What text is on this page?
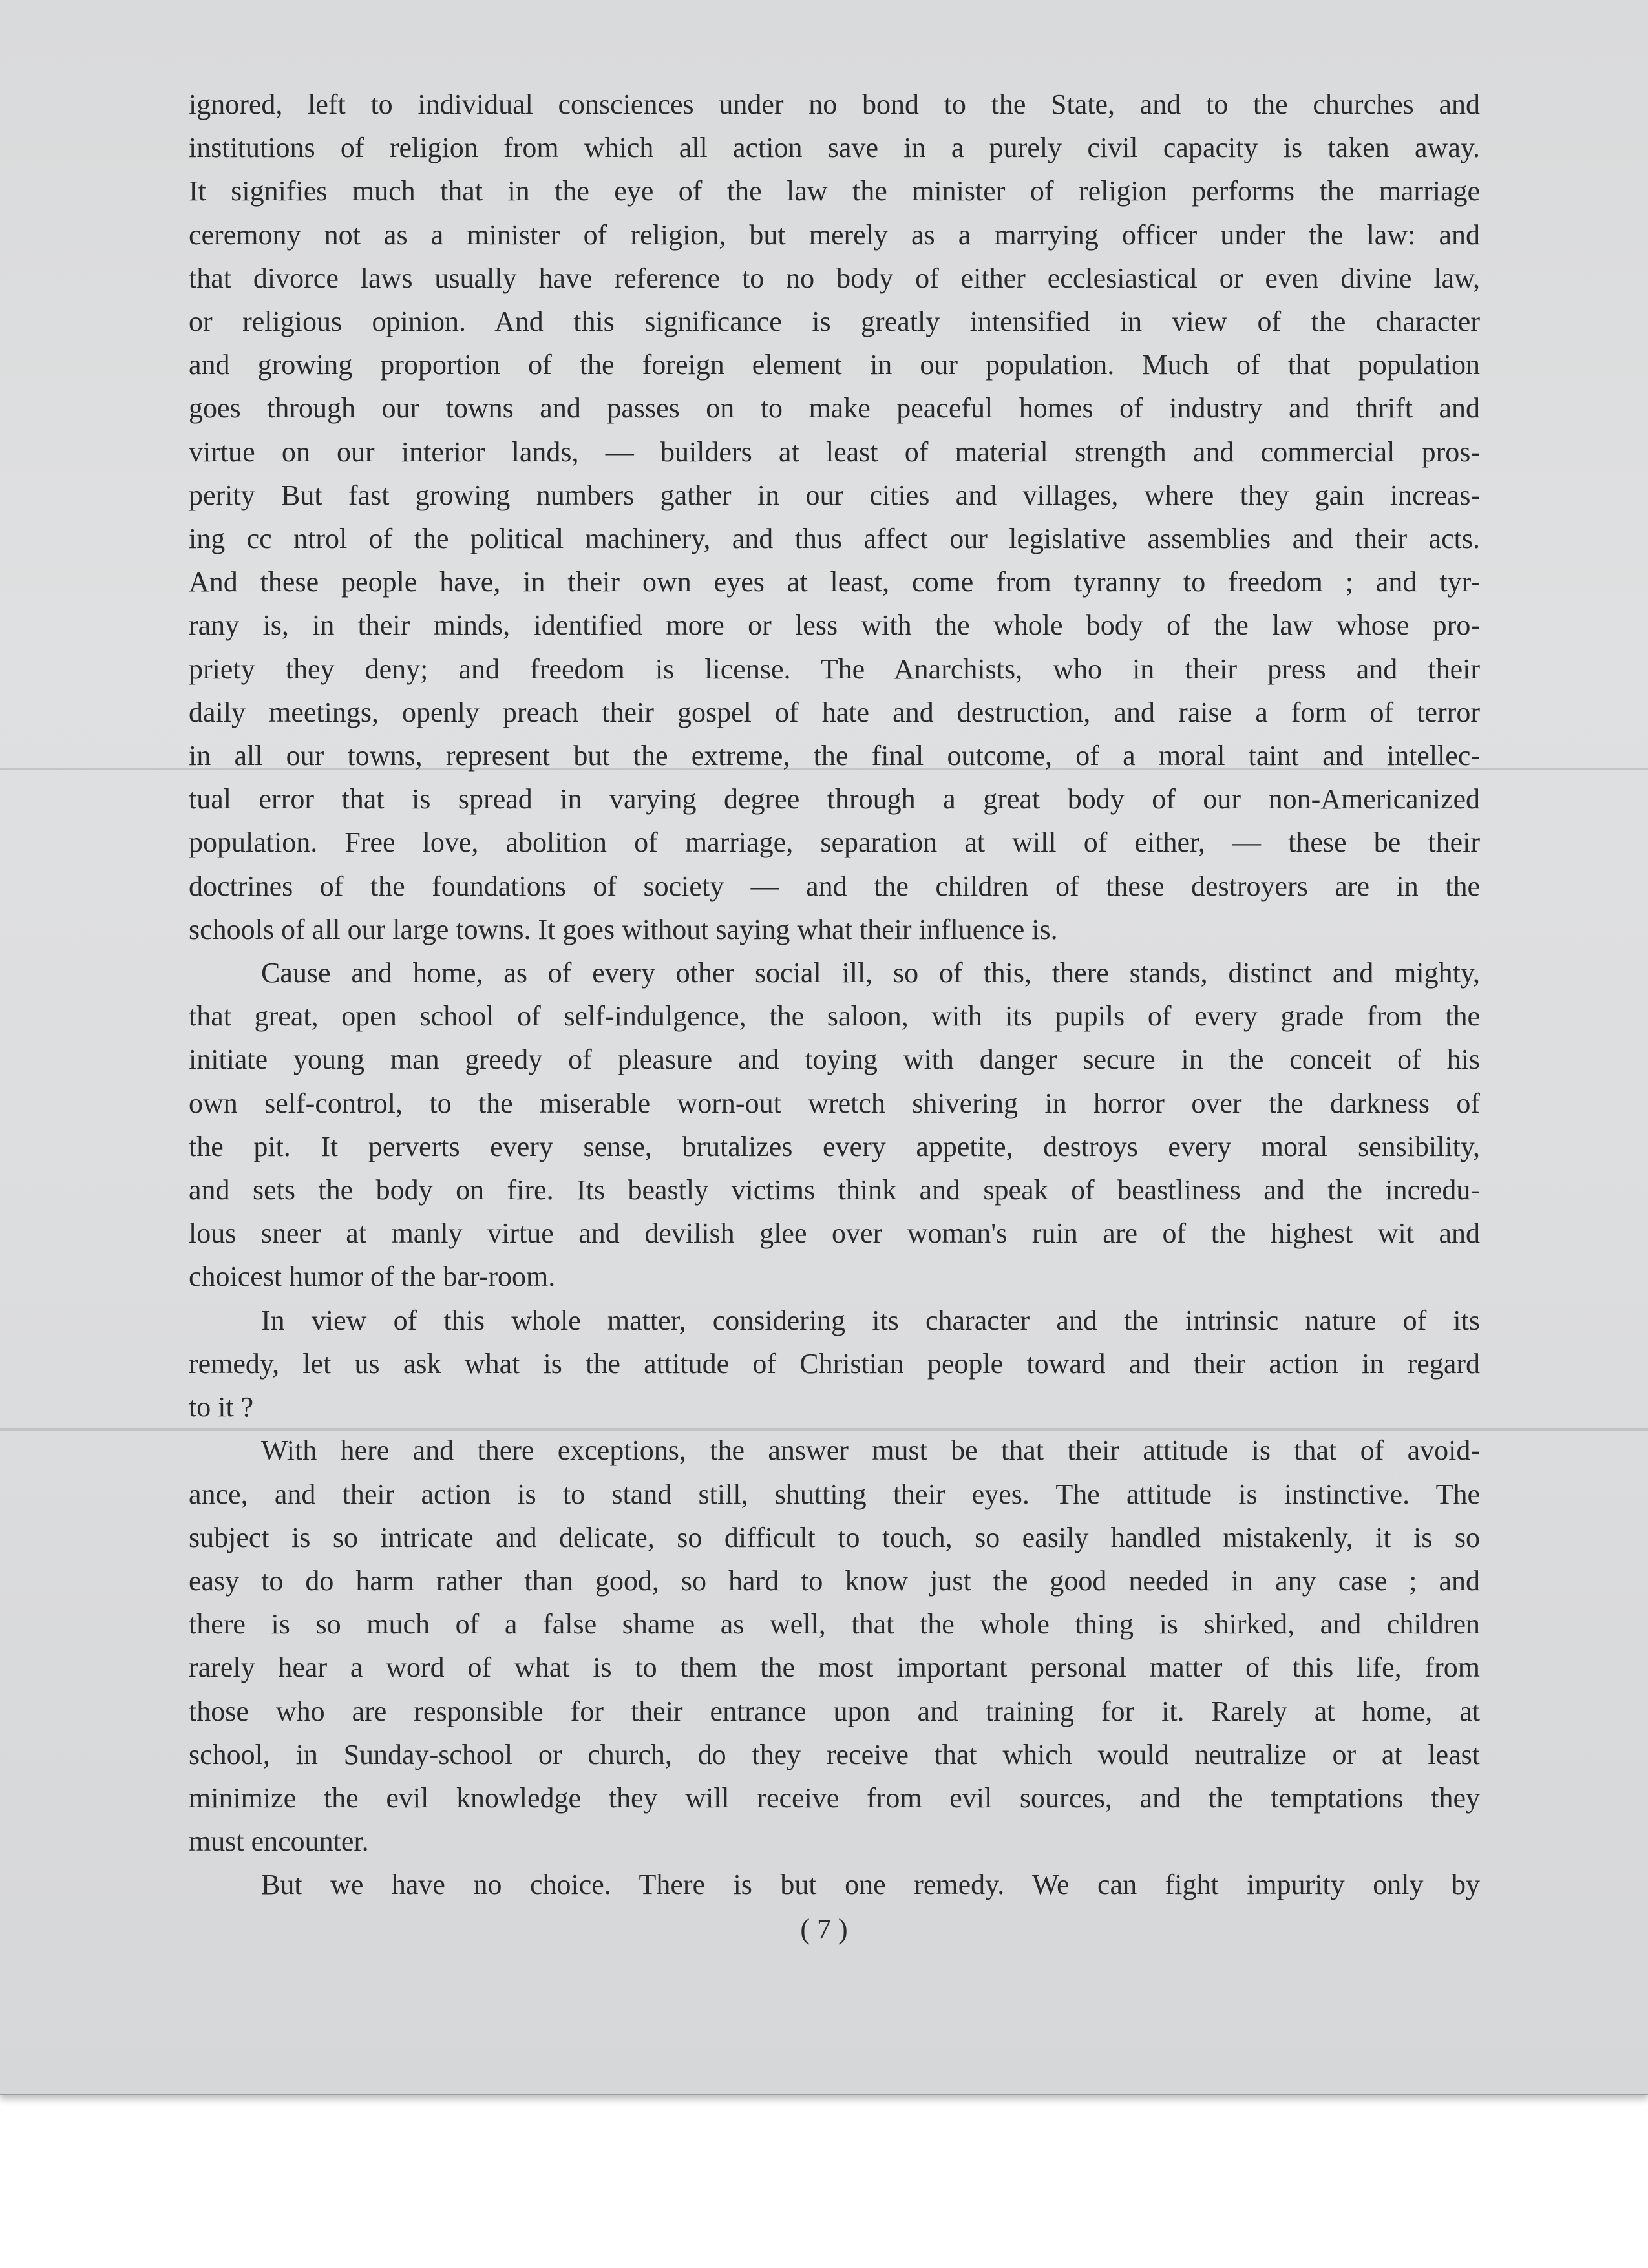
ignored, left to individual consciences under no bond to the State, and to the churches and
institutions of religion from which all action save in a purely civil capacity is taken away.
It signifies much that in the eye of the law the minister of religion performs the marriage
ceremony not as a minister of religion, but merely as a marrying officer under the law: and
that divorce laws usually have reference to no body of either ecclesiastical or even divine law,
or religious opinion. And this significance is greatly intensified in view of the character
and growing proportion of the foreign element in our population. Much of that population
goes through our towns and passes on to make peaceful homes of industry and thrift and
virtue on our interior lands, — builders at least of material strength and commercial pros-
perity But fast growing numbers gather in our cities and villages, where they gain increas-
ing cc ntrol of the political machinery, and thus affect our legislative assemblies and their acts.
And these people have, in their own eyes at least, come from tyranny to freedom ; and tyr-
rany is, in their minds, identified more or less with the whole body of the law whose pro-
priety they deny; and freedom is license. The Anarchists, who in their press and their
daily meetings, openly preach their gospel of hate and destruction, and raise a form of terror
in all our towns, represent but the extreme, the final outcome, of a moral taint and intellec-
tual error that is spread in varying degree through a great body of our non-Americanized
population. Free love, abolition of marriage, separation at will of either, — these be their
doctrines of the foundations of society — and the children of these destroyers are in the
schools of all our large towns. It goes without saying what their influence is.
Cause and home, as of every other social ill, so of this, there stands, distinct and mighty,
that great, open school of self-indulgence, the saloon, with its pupils of every grade from the
initiate young man greedy of pleasure and toying with danger secure in the conceit of his
own self-control, to the miserable worn-out wretch shivering in horror over the darkness of
the pit. It perverts every sense, brutalizes every appetite, destroys every moral sensibility,
and sets the body on fire. Its beastly victims think and speak of beastliness and the incredu-
lous sneer at manly virtue and devilish glee over woman's ruin are of the highest wit and
choicest humor of the bar-room.
In view of this whole matter, considering its character and the intrinsic nature of its
remedy, let us ask what is the attitude of Christian people toward and their action in regard
to it ?
With here and there exceptions, the answer must be that their attitude is that of avoid-
ance, and their action is to stand still, shutting their eyes. The attitude is instinctive. The
subject is so intricate and delicate, so difficult to touch, so easily handled mistakenly, it is so
easy to do harm rather than good, so hard to know just the good needed in any case ; and
there is so much of a false shame as well, that the whole thing is shirked, and children
rarely hear a word of what is to them the most important personal matter of this life, from
those who are responsible for their entrance upon and training for it. Rarely at home, at
school, in Sunday-school or church, do they receive that which would neutralize or at least
minimize the evil knowledge they will receive from evil sources, and the temptations they
must encounter.
But we have no choice. There is but one remedy. We can fight impurity only by
( 7 )
